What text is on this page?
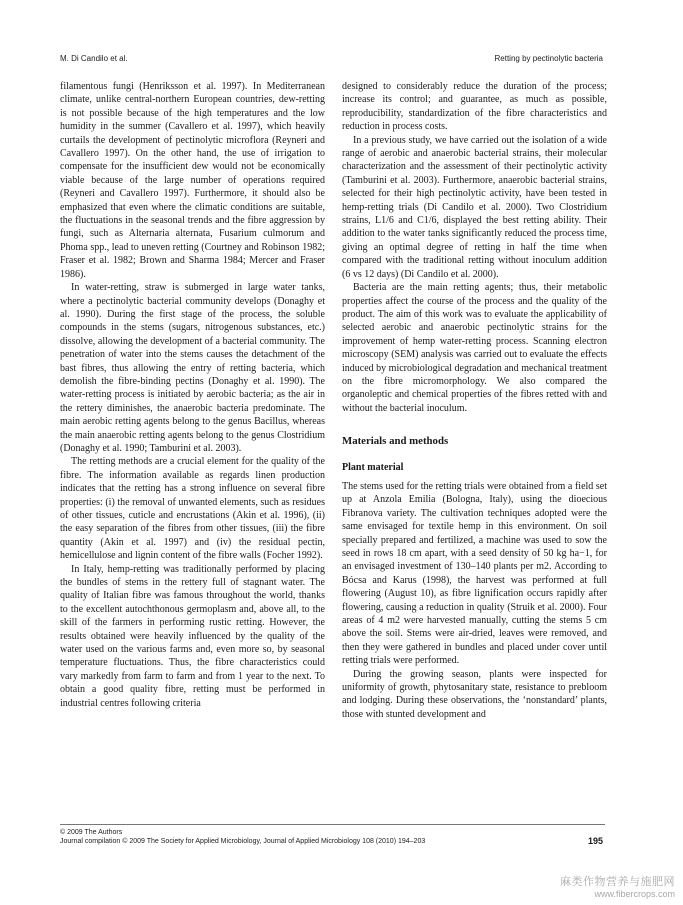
M. Di Candilo et al.	Retting by pectinolytic bacteria

filamentous fungi (Henriksson et al. 1997). In Mediterranean climate, unlike central-northern European countries, dew-retting is not possible because of the high temperatures and the low humidity in the summer (Cavallero et al. 1997), which heavily curtails the development of pectinolytic microflora (Reyneri and Cavallero 1997). On the other hand, the use of irrigation to compensate for the insufficient dew would not be economically viable because of the large number of operations required (Reyneri and Cavallero 1997). Furthermore, it should also be emphasized that even where the climatic conditions are suitable, the fluctuations in the seasonal trends and the fibre aggression by fungi, such as Alternaria alternata, Fusarium culmorum and Phoma spp., lead to uneven retting (Courtney and Robinson 1982; Fraser et al. 1982; Brown and Sharma 1984; Mercer and Fraser 1986).

In water-retting, straw is submerged in large water tanks, where a pectinolytic bacterial community develops (Donaghy et al. 1990). During the first stage of the process, the soluble compounds in the stems (sugars, nitrogenous substances, etc.) dissolve, allowing the development of a bacterial community. The penetration of water into the stems causes the detachment of the bast fibres, thus allowing the entry of retting bacteria, which demolish the fibre-binding pectins (Donaghy et al. 1990). The water-retting process is initiated by aerobic bacteria; as the air in the rettery diminishes, the anaerobic bacteria predominate. The main aerobic retting agents belong to the genus Bacillus, whereas the main anaerobic retting agents belong to the genus Clostridium (Donaghy et al. 1990; Tamburini et al. 2003).

The retting methods are a crucial element for the quality of the fibre. The information available as regards linen production indicates that the retting has a strong influence on several fibre properties: (i) the removal of unwanted elements, such as residues of other tissues, cuticle and encrustations (Akin et al. 1996), (ii) the easy separation of the fibres from other tissues, (iii) the fibre quantity (Akin et al. 1997) and (iv) the residual pectin, hemicellulose and lignin content of the fibre walls (Focher 1992).

In Italy, hemp-retting was traditionally performed by placing the bundles of stems in the rettery full of stagnant water. The quality of Italian fibre was famous throughout the world, thanks to the excellent autochthonous germoplasm and, above all, to the skill of the farmers in performing rustic retting. However, the results obtained were heavily influenced by the quality of the water used on the various farms and, even more so, by seasonal temperature fluctuations. Thus, the fibre characteristics could vary markedly from farm to farm and from 1 year to the next. To obtain a good quality fibre, retting must be performed in industrial centres following criteria

designed to considerably reduce the duration of the process; increase its control; and guarantee, as much as possible, reproducibility, standardization of the fibre characteristics and reduction in process costs.

In a previous study, we have carried out the isolation of a wide range of aerobic and anaerobic bacterial strains, their molecular characterization and the assessment of their pectinolytic activity (Tamburini et al. 2003). Furthermore, anaerobic bacterial strains, selected for their high pectinolytic activity, have been tested in hemp-retting trials (Di Candilo et al. 2000). Two Clostridium strains, L1/6 and C1/6, displayed the best retting ability. Their addition to the water tanks significantly reduced the process time, giving an optimal degree of retting in half the time when compared with the traditional retting without inoculum addition (6 vs 12 days) (Di Candilo et al. 2000).

Bacteria are the main retting agents; thus, their metabolic properties affect the course of the process and the quality of the product. The aim of this work was to evaluate the applicability of selected aerobic and anaerobic pectinolytic strains for the improvement of hemp water-retting process. Scanning electron microscopy (SEM) analysis was carried out to evaluate the effects induced by microbiological degradation and mechanical treatment on the fibre micromorphology. We also compared the organoleptic and chemical properties of the fibres retted with and without the bacterial inoculum.

Materials and methods
Plant material

The stems used for the retting trials were obtained from a field set up at Anzola Emilia (Bologna, Italy), using the dioecious Fibranova variety. The cultivation techniques adopted were the same envisaged for textile hemp in this environment. On soil specially prepared and fertilized, a machine was used to sow the seed in rows 18 cm apart, with a seed density of 50 kg ha−1, for an envisaged investment of 130–140 plants per m2. According to Bócsa and Karus (1998), the harvest was performed at full flowering (August 10), as fibre lignification occurs rapidly after flowering, causing a reduction in quality (Struik et al. 2000). Four areas of 4 m2 were harvested manually, cutting the stems 5 cm above the soil. Stems were air-dried, leaves were removed, and then they were gathered in bundles and placed under cover until retting trials were performed.

During the growing season, plants were inspected for uniformity of growth, phytosanitary state, resistance to prebloom and lodging. During these observations, the ‘nonstandard’ plants, those with stunted development and

© 2009 The Authors
Journal compilation © 2009 The Society for Applied Microbiology, Journal of Applied Microbiology 108 (2010) 194–203	195
麻类作物营养与施肥网
www.fibercrops.com
